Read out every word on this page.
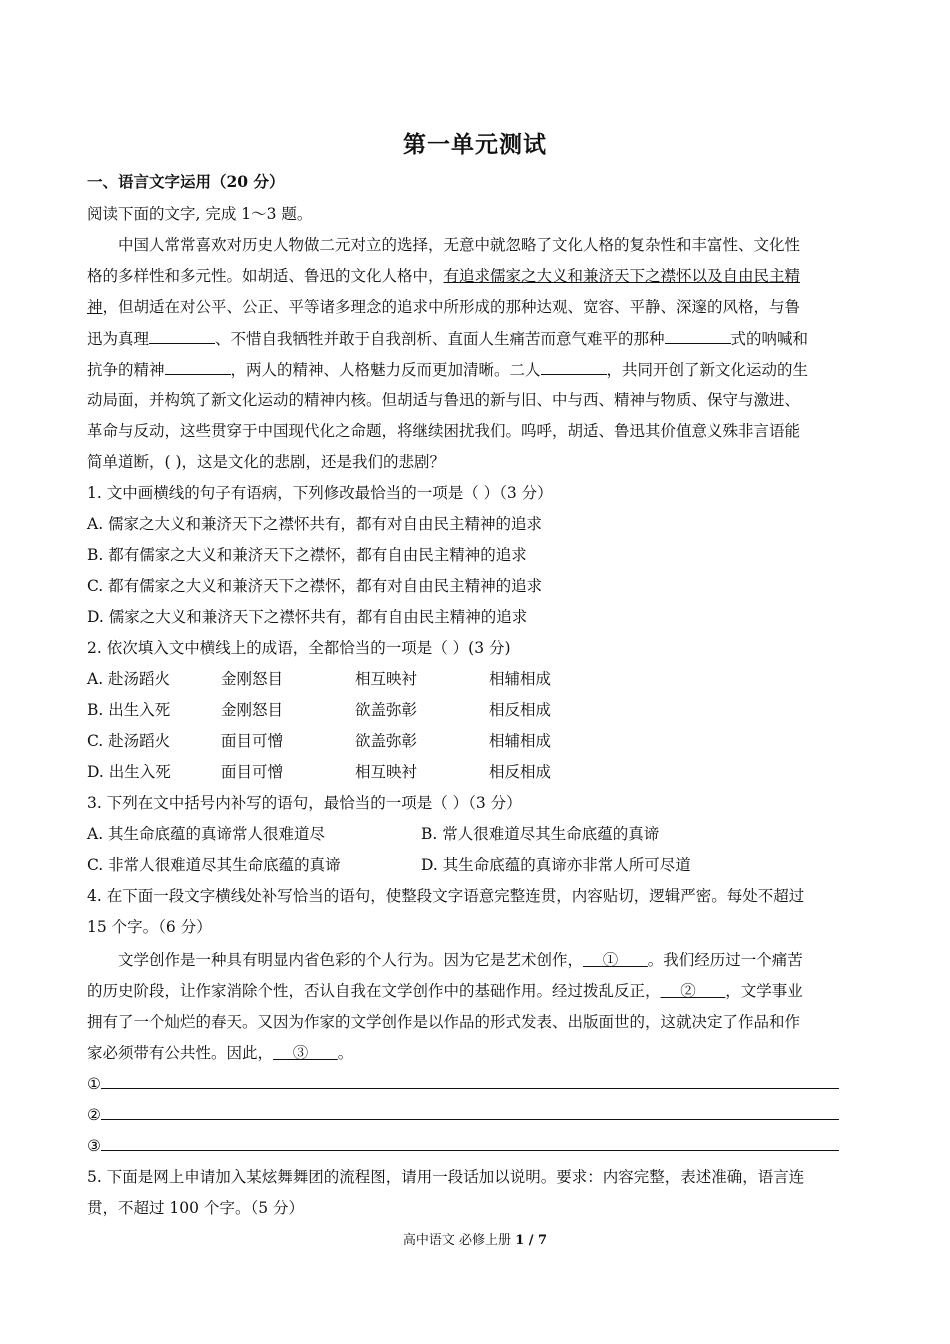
第一单元测试
一、语言文字运用（20 分）
阅读下面的文字, 完成 1～3 题。
中国人常常喜欢对历史人物做二元对立的选择，无意中就忽略了文化人格的复杂性和丰富性、文化性
格的多样性和多元性。如胡适、鲁迅的文化人格中，有追求儒家之大义和兼济天下之襟怀以及自由民主精
神，但胡适在对公平、公正、平等诸多理念的追求中所形成的那种达观、宽容、平静、深邃的风格，与鲁
迅为真理	、不惜自我牺牲并敢于自我剖析、直面人生痛苦而意气难平的那种	式的呐喊和
抗争的精神	，两人的精神、人格魅力反而更加清晰。二人	，共同开创了新文化运动的生
动局面，并构筑了新文化运动的精神内核。但胡适与鲁迅的新与旧、中与西、精神与物质、保守与激进、
革命与反动，这些贯穿于中国现代化之命题，将继续困扰我们。呜呼，胡适、鲁迅其价值意义殊非言语能
简单道断，( )，这是文化的悲剧，还是我们的悲剧？
1. 文中画横线的句子有语病，下列修改最恰当的一项是（ ）（3 分）
A. 儒家之大义和兼济天下之襟怀共有，都有对自由民主精神的追求
B. 都有儒家之大义和兼济天下之襟怀，都有自由民主精神的追求
C. 都有儒家之大义和兼济天下之襟怀，都有对自由民主精神的追求
D. 儒家之大义和兼济天下之襟怀共有，都有自由民主精神的追求
2. 依次填入文中横线上的成语，全都恰当的一项是（ ）(3 分)
A. 赴汤蹈火	金刚怒目	相互映衬	相辅相成
B. 出生入死	金刚怒目	欲盖弥彰	相反相成
C. 赴汤蹈火	面目可憎	欲盖弥彰	相辅相成
D. 出生入死	面目可憎	相互映衬	相反相成
3. 下列在文中括号内补写的语句，最恰当的一项是（ ）（3 分）
A. 其生命底蕴的真谛常人很难道尽	B. 常人很难道尽其生命底蕴的真谛
C. 非常人很难道尽其生命底蕴的真谛	D. 其生命底蕴的真谛亦非常人所可尽道
4. 在下面一段文字横线处补写恰当的语句，使整段文字语意完整连贯，内容贴切，逻辑严密。每处不超过
15 个字。（6 分）
文学创作是一种具有明显内省色彩的个人行为。因为它是艺术创作，    ①      。我们经历过一个痛苦
的历史阶段，让作家消除个性，否认自我在文学创作中的基础作用。经过拨乱反正，    ②      ，文学事业
拥有了一个灿烂的春天。又因为作家的文学创作是以作品的形式发表、出版面世的，这就决定了作品和作
家必须带有公共性。因此，    ③      。
①
②
③
5. 下面是网上申请加入某炫舞舞团的流程图，请用一段话加以说明。要求：内容完整，表述准确，语言连
贯，不超过 100 个字。（5 分）
高中语文 必修上册 1 / 7
